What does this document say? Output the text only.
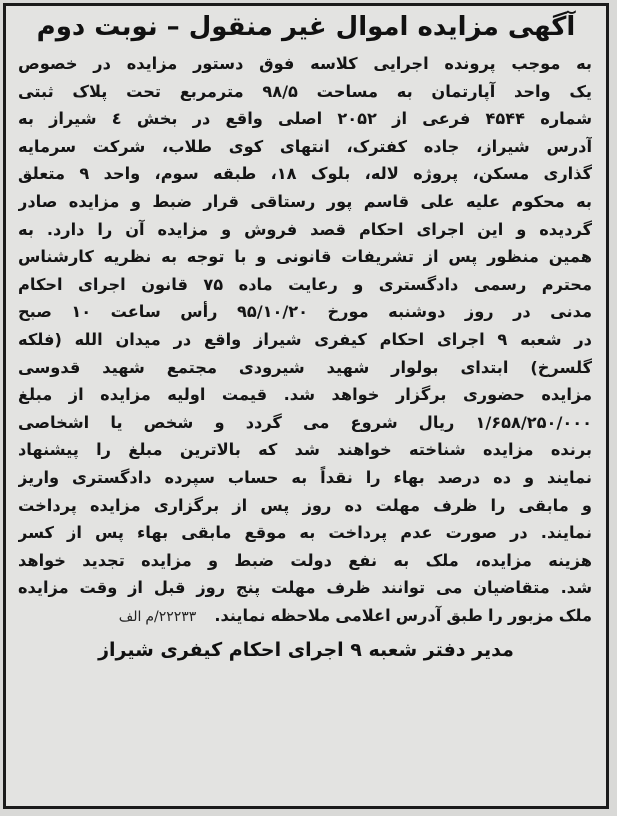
آگهی مزایده اموال غیر منقول – نوبت دوم
به موجب پرونده اجرایی کلاسه فوق دستور مزایده در خصوص
یک واحد آپارتمان به مساحت ۹۸/۵ مترمربع تحت پلاک ثبتی
شماره ۴۵۴۴ فرعی از ۲۰۵۲ اصلی واقع در بخش ٤ شیراز به
آدرس شیراز، جاده کفترک، انتهای کوی طلاب، شرکت سرمایه
گذاری مسکن، پروژه لاله، بلوک ۱۸، طبقه سوم، واحد ۹ متعلق
به محکوم علیه علی قاسم پور رستاقی قرار ضبط و مزایده صادر
گردیده و این اجرای احکام قصد فروش و مزایده آن را دارد. به
همین منظور پس از تشریفات قانونی و با توجه به نظریه کارشناس
محترم رسمی دادگستری و رعایت ماده ۷۵ قانون اجرای احکام
مدنی در روز دوشنبه مورخ ۹۵/۱۰/۲۰ رأس ساعت ۱۰ صبح
در شعبه ۹ اجرای احکام کیفری شیراز واقع در میدان الله (فلکه
گلسرخ) ابتدای بولوار شهید شیرودی مجتمع شهید قدوسی
مزایده حضوری برگزار خواهد شد. قیمت اولیه مزایده از مبلغ
۱/۶۵۸/۲۵۰/۰۰۰ ریال شروع می گردد و شخص یا اشخاصی
برنده مزایده شناخته خواهند شد که بالاترین مبلغ را پیشنهاد
نمایند و ده درصد بهاء را نقداً به حساب سپرده دادگستری واریز
و مابقی را ظرف مهلت ده روز پس از برگزاری مزایده پرداخت
نمایند. در صورت عدم پرداخت به موقع مابقی بهاء پس از کسر
هزینه مزایده، ملک به نفع دولت ضبط و مزایده تجدید خواهد
شد. متقاضیان می توانند ظرف مهلت پنج روز قبل از وقت مزایده
ملک مزبور را طبق آدرس اعلامی ملاحظه نمایند.۲۲۲۳۳/م الف
مدیر دفتر شعبه ۹ اجرای احکام کیفری شیراز
